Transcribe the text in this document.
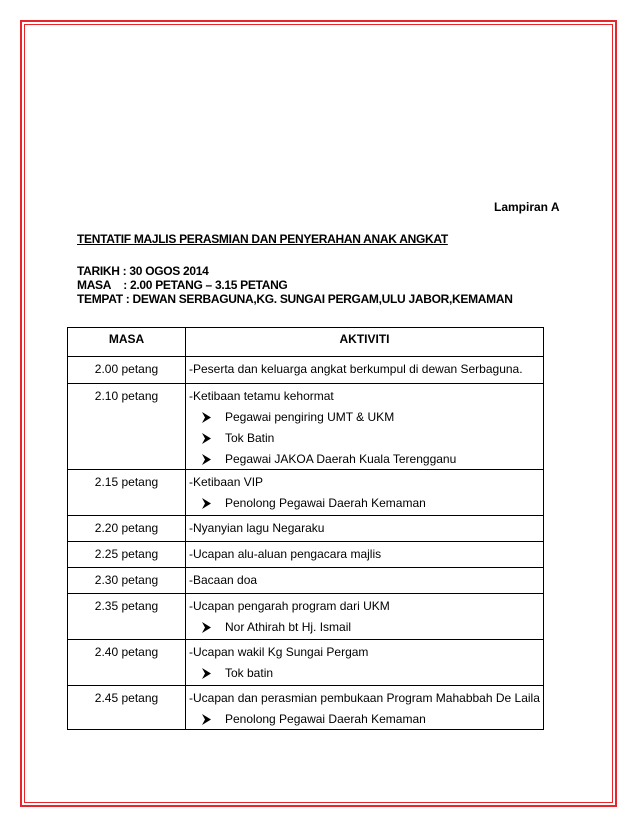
Lampiran A
TENTATIF MAJLIS PERASMIAN DAN PENYERAHAN ANAK ANGKAT
TARIKH : 30 OGOS 2014
MASA    : 2.00 PETANG – 3.15 PETANG
TEMPAT : DEWAN SERBAGUNA,KG. SUNGAI PERGAM,ULU JABOR,KEMAMAN
MASA	AKTIVITI
2.00 petang	-Peserta dan keluarga angkat berkumpul di dewan Serbaguna.

2.10 petang	-Ketibaan tetamu kehormat
Pegawai pengiring UMT & UKM
Tok Batin
Pegawai JAKOA Daerah Kuala Terengganu

2.15 petang	-Ketibaan VIP
Penolong Pegawai Daerah Kemaman

2.20 petang	-Nyanyian lagu Negaraku

2.25 petang	-Ucapan alu-aluan pengacara majlis

2.30 petang	-Bacaan doa

2.35 petang	-Ucapan pengarah program dari UKM
Nor Athirah bt Hj. Ismail

2.40 petang	-Ucapan wakil Kg Sungai Pergam
Tok batin

2.45 petang	-Ucapan dan perasmian pembukaan Program Mahabbah De Laila
Penolong Pegawai Daerah Kemaman
